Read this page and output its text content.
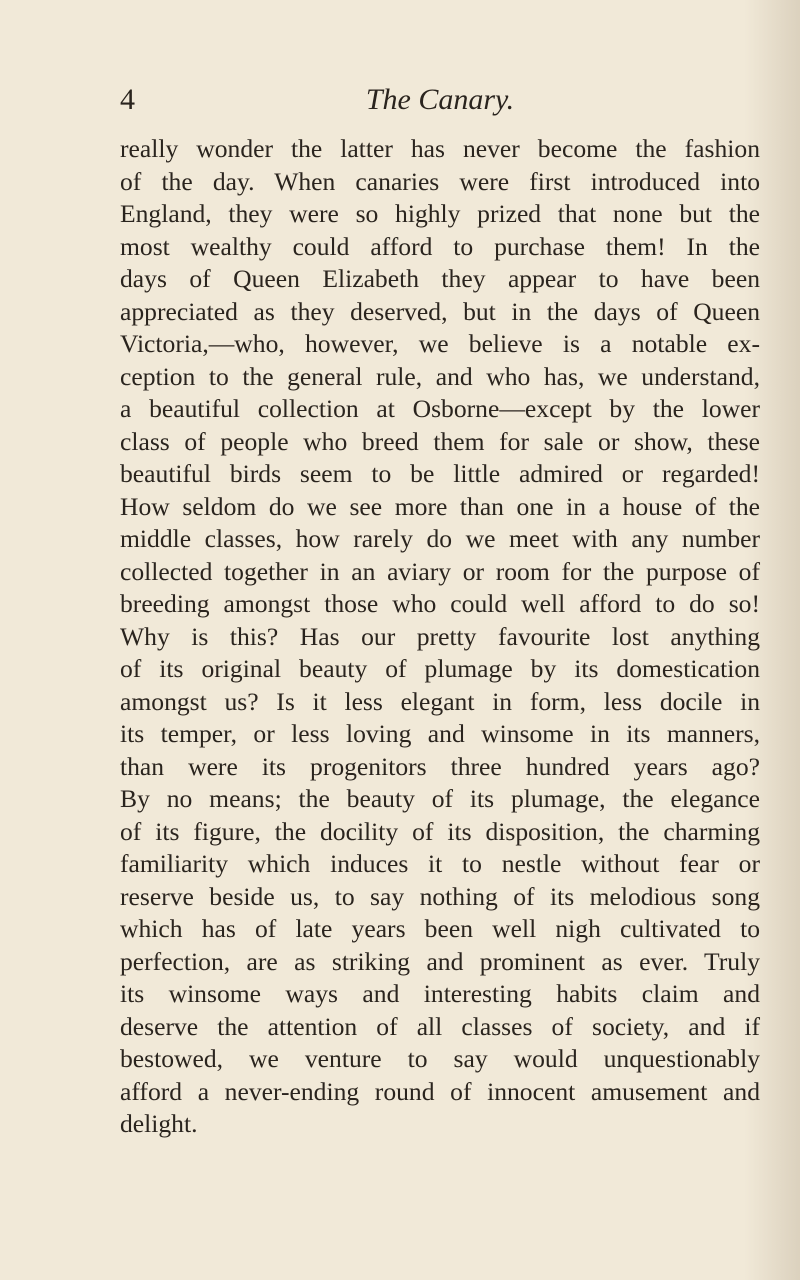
4	The Canary.
really wonder the latter has never become the fashion
of the day. When canaries were first introduced into
England, they were so highly prized that none but the
most wealthy could afford to purchase them! In the
days of Queen Elizabeth they appear to have been
appreciated as they deserved, but in the days of Queen
Victoria,—who, however, we believe is a notable ex-
ception to the general rule, and who has, we understand,
a beautiful collection at Osborne—except by the lower
class of people who breed them for sale or show, these
beautiful birds seem to be little admired or regarded!
How seldom do we see more than one in a house of the
middle classes, how rarely do we meet with any number
collected together in an aviary or room for the purpose of
breeding amongst those who could well afford to do so!
Why is this? Has our pretty favourite lost anything
of its original beauty of plumage by its domestication
amongst us? Is it less elegant in form, less docile in
its temper, or less loving and winsome in its manners,
than were its progenitors three hundred years ago?
By no means; the beauty of its plumage, the elegance
of its figure, the docility of its disposition, the charming
familiarity which induces it to nestle without fear or
reserve beside us, to say nothing of its melodious song
which has of late years been well nigh cultivated to
perfection, are as striking and prominent as ever. Truly
its winsome ways and interesting habits claim and
deserve the attention of all classes of society, and if
bestowed, we venture to say would unquestionably
afford a never-ending round of innocent amusement and
delight.
